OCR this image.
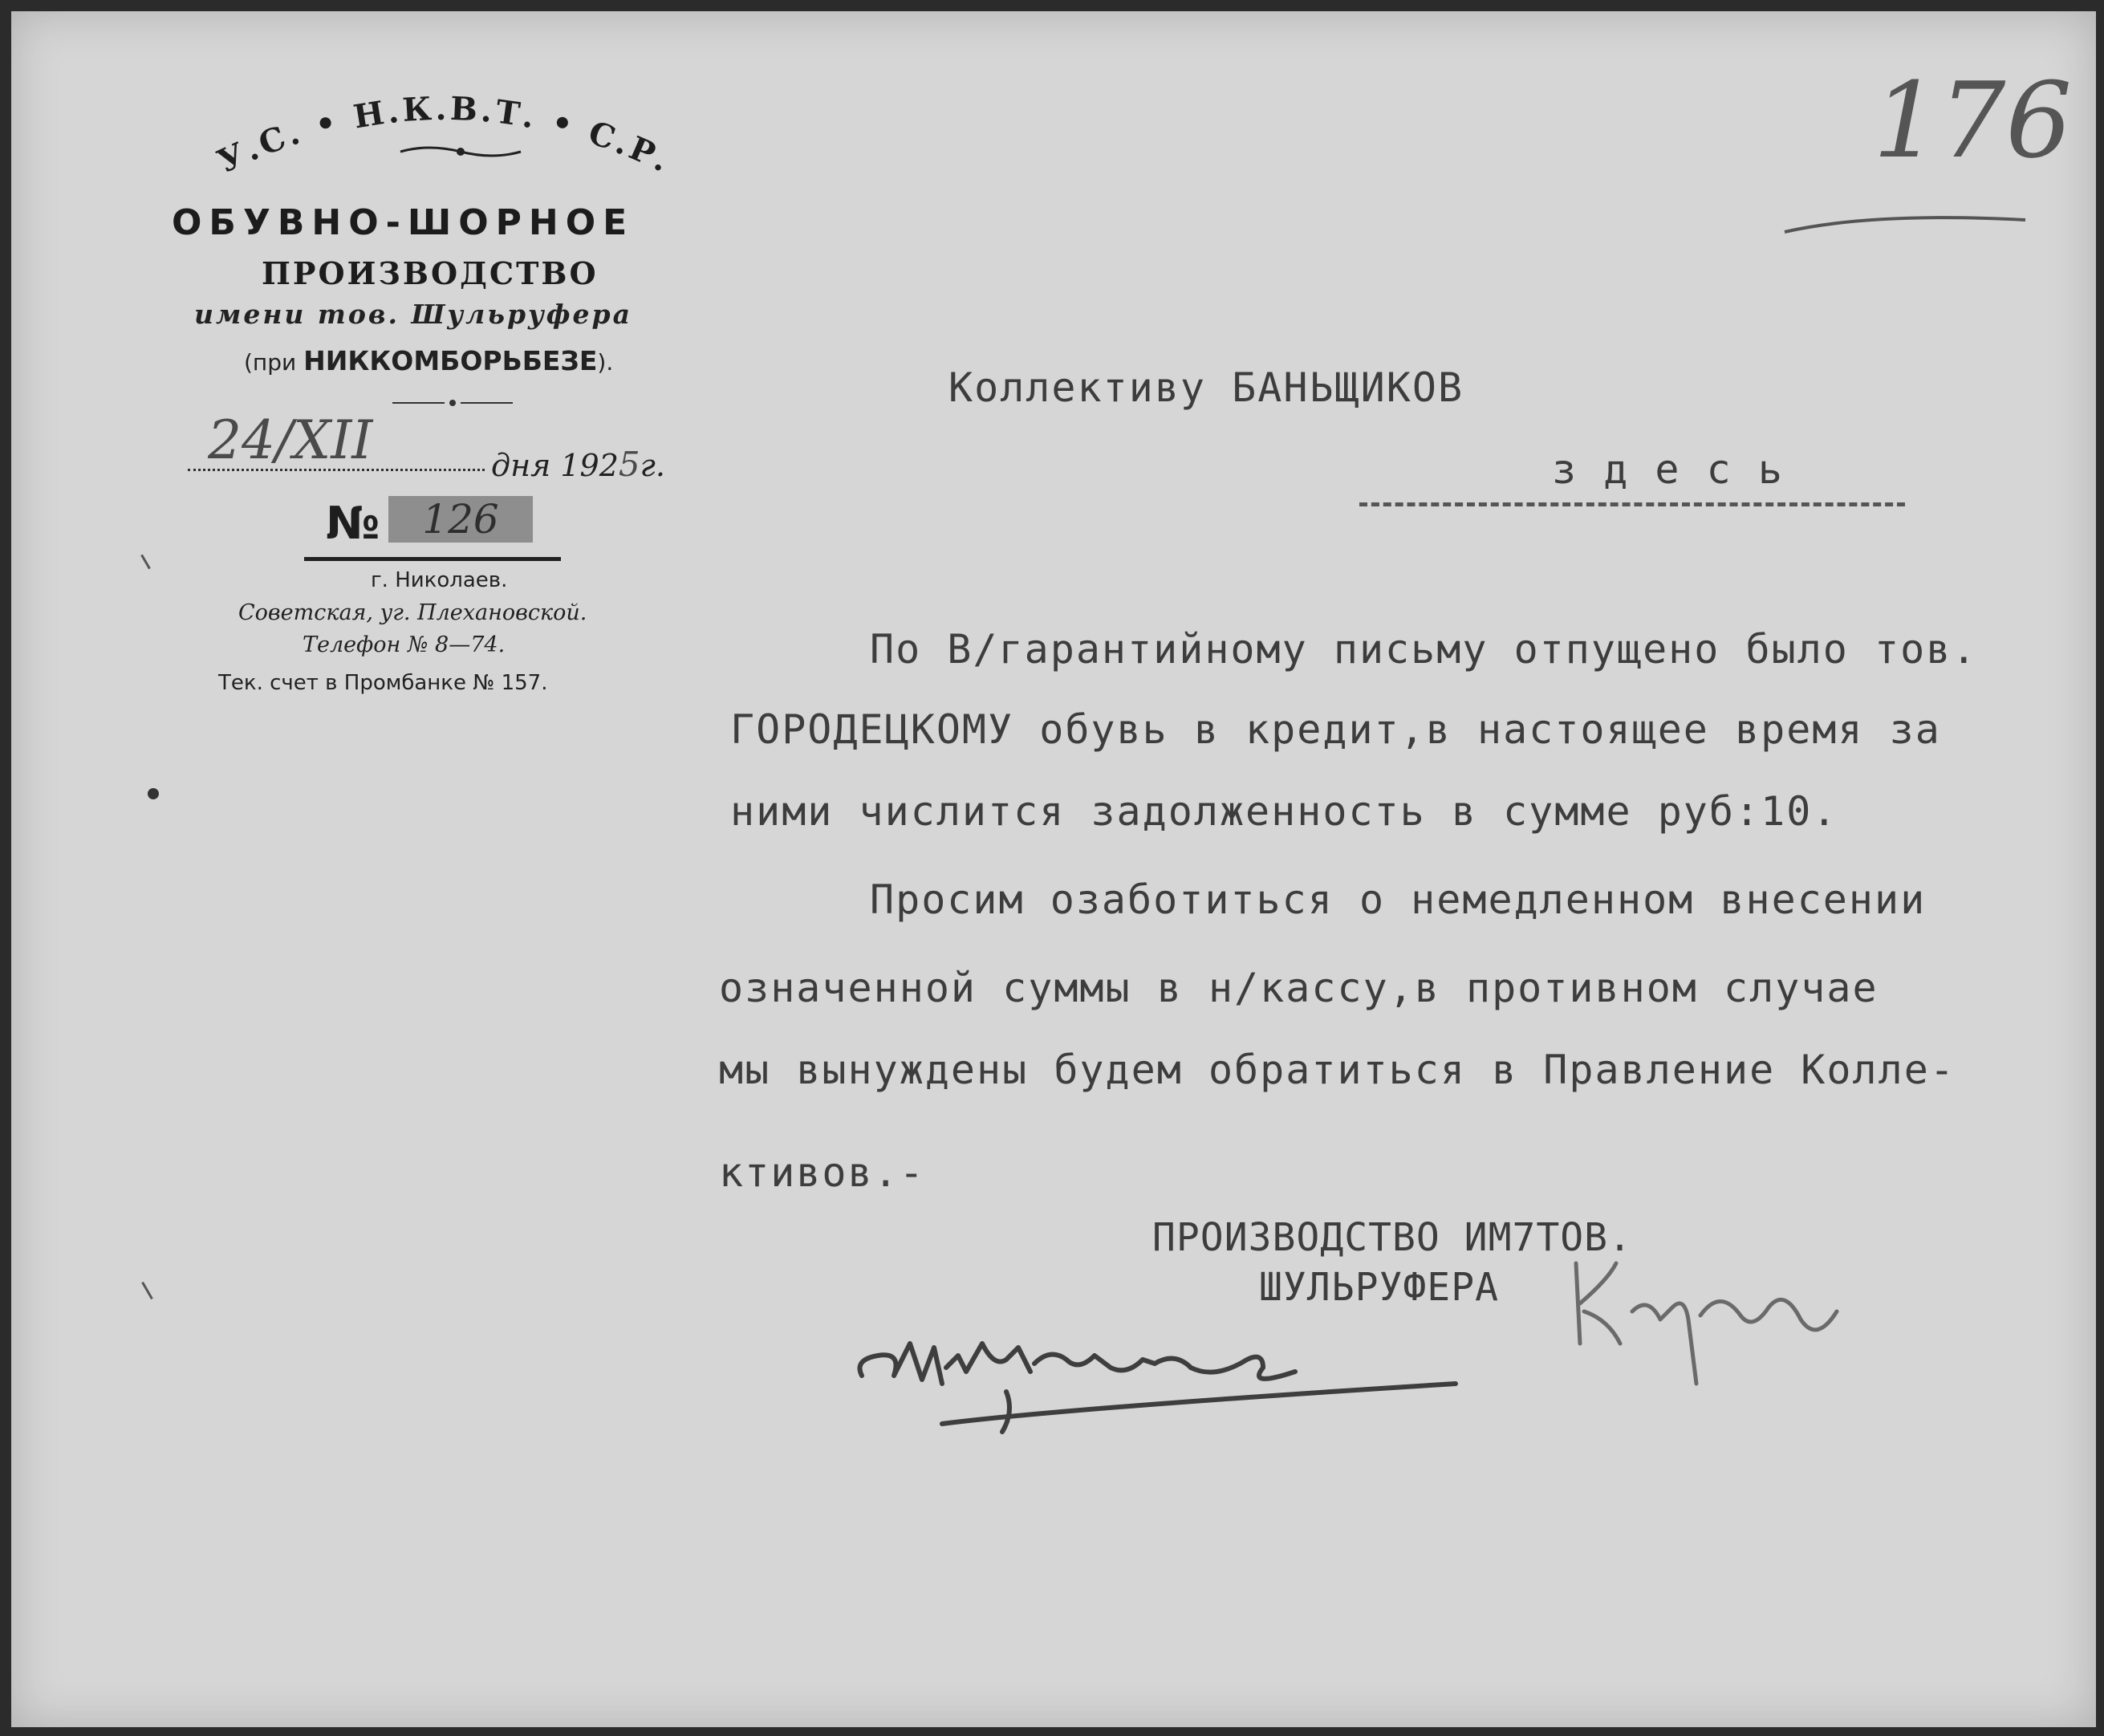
У.С. • Н.К.В.Т. • С.Р.
ОБУВНО-ШОРНОЕ
ПРОИЗВОДСТВО
имени тов. Шульруфера
(при НИККОМБОРЬБЕЗЕ).
24/XII	дня 1925г.
№	126
г. Николаев.
Советская, уг. Плехановской.
Телефон № 8—74.
Тек. счет в Промбанке № 157.
176
Коллективу БАНЬЩИКОВ
з д е с ь
По В/гарантийному письму отпущено было тов.
ГОРОДЕЦКОМУ обувь в кредит,в настоящее время за
ними числится задолженность в сумме руб:10.
Просим озаботиться о немедленном внесении
означенной суммы в н/кассу,в противном случае
мы вынуждены будем обратиться в Правление Колле-
ктивов.-
ПРОИЗВОДСТВО ИМ7ТОВ.
ШУЛЬРУФЕРА
